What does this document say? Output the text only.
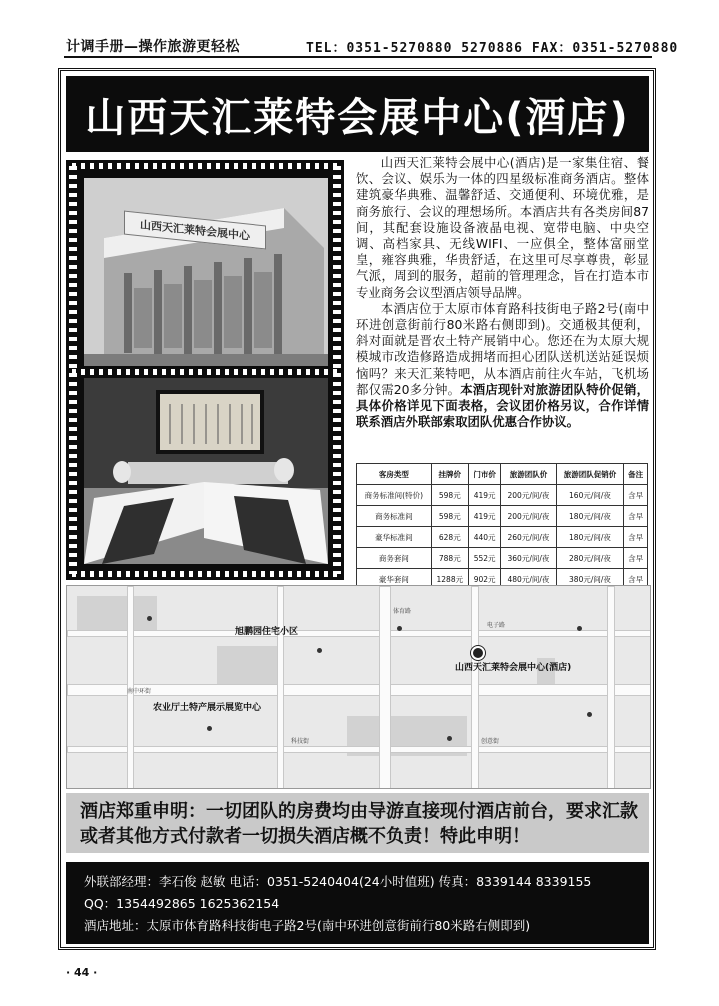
计调手册—操作旅游更轻松	TEL：0351-5270880 5270886 FAX：0351-5270880
山西天汇莱特会展中心(酒店)
山西天汇莱特会展中心

山西天汇莱特会展中心(酒店)是一家集住宿、餐饮、会议、娱乐为一体的四星级标准商务酒店。整体建筑豪华典雅、温馨舒适、交通便利、环境优雅，是商务旅行、会议的理想场所。本酒店共有各类房间87间，其配套设施设备液晶电视、宽带电脑、中央空调、高档家具、无线WIFI、一应俱全，整体富丽堂皇，雍容典雅，华贵舒适，在这里可尽享尊贵，彰显气派，周到的服务，超前的管理理念，旨在打造本市专业商务会议型酒店领导品牌。

本酒店位于太原市体育路科技街电子路2号(南中环进创意街前行80米路右侧即到)。交通极其便利，斜对面就是晋农土特产展销中心。您还在为太原大规模城市改造修路造成拥堵而担心团队送机送站延误烦恼吗？来天汇莱特吧，从本酒店前往火车站，飞机场都仅需20多分钟。本酒店现针对旅游团队特价促销，具体价格详见下面表格，会议团价格另议，合作详情联系酒店外联部索取团队优惠合作协议。

客房类型	挂牌价	门市价	旅游团队价	旅游团队促销价	备注
商务标准间(特价)	598元	419元	200元/间/夜	160元/间/夜	含早
商务标准间	598元	419元	200元/间/夜	180元/间/夜	含早
豪华标准间	628元	440元	260元/间/夜	180元/间/夜	含早
商务套间	788元	552元	360元/间/夜	280元/间/夜	含早
豪华套间	1288元	902元	480元/间/夜	380元/间/夜	含早
山西天汇莱特会展中心(酒店)
农业厅土特产展示展览中心
旭鹏园住宅小区
南中环街
体育路
电子路
创意街
科技街
酒店郑重申明：一切团队的房费均由导游直接现付酒店前台，要求汇款或者其他方式付款者一切损失酒店概不负责！特此申明！
外联部经理：李石俊 赵敏 电话：0351-5240404(24小时值班) 传真：8339144 8339155
QQ：1354492865 1625362154
酒店地址：太原市体育路科技街电子路2号(南中环进创意街前行80米路右侧即到)
· 44 ·
